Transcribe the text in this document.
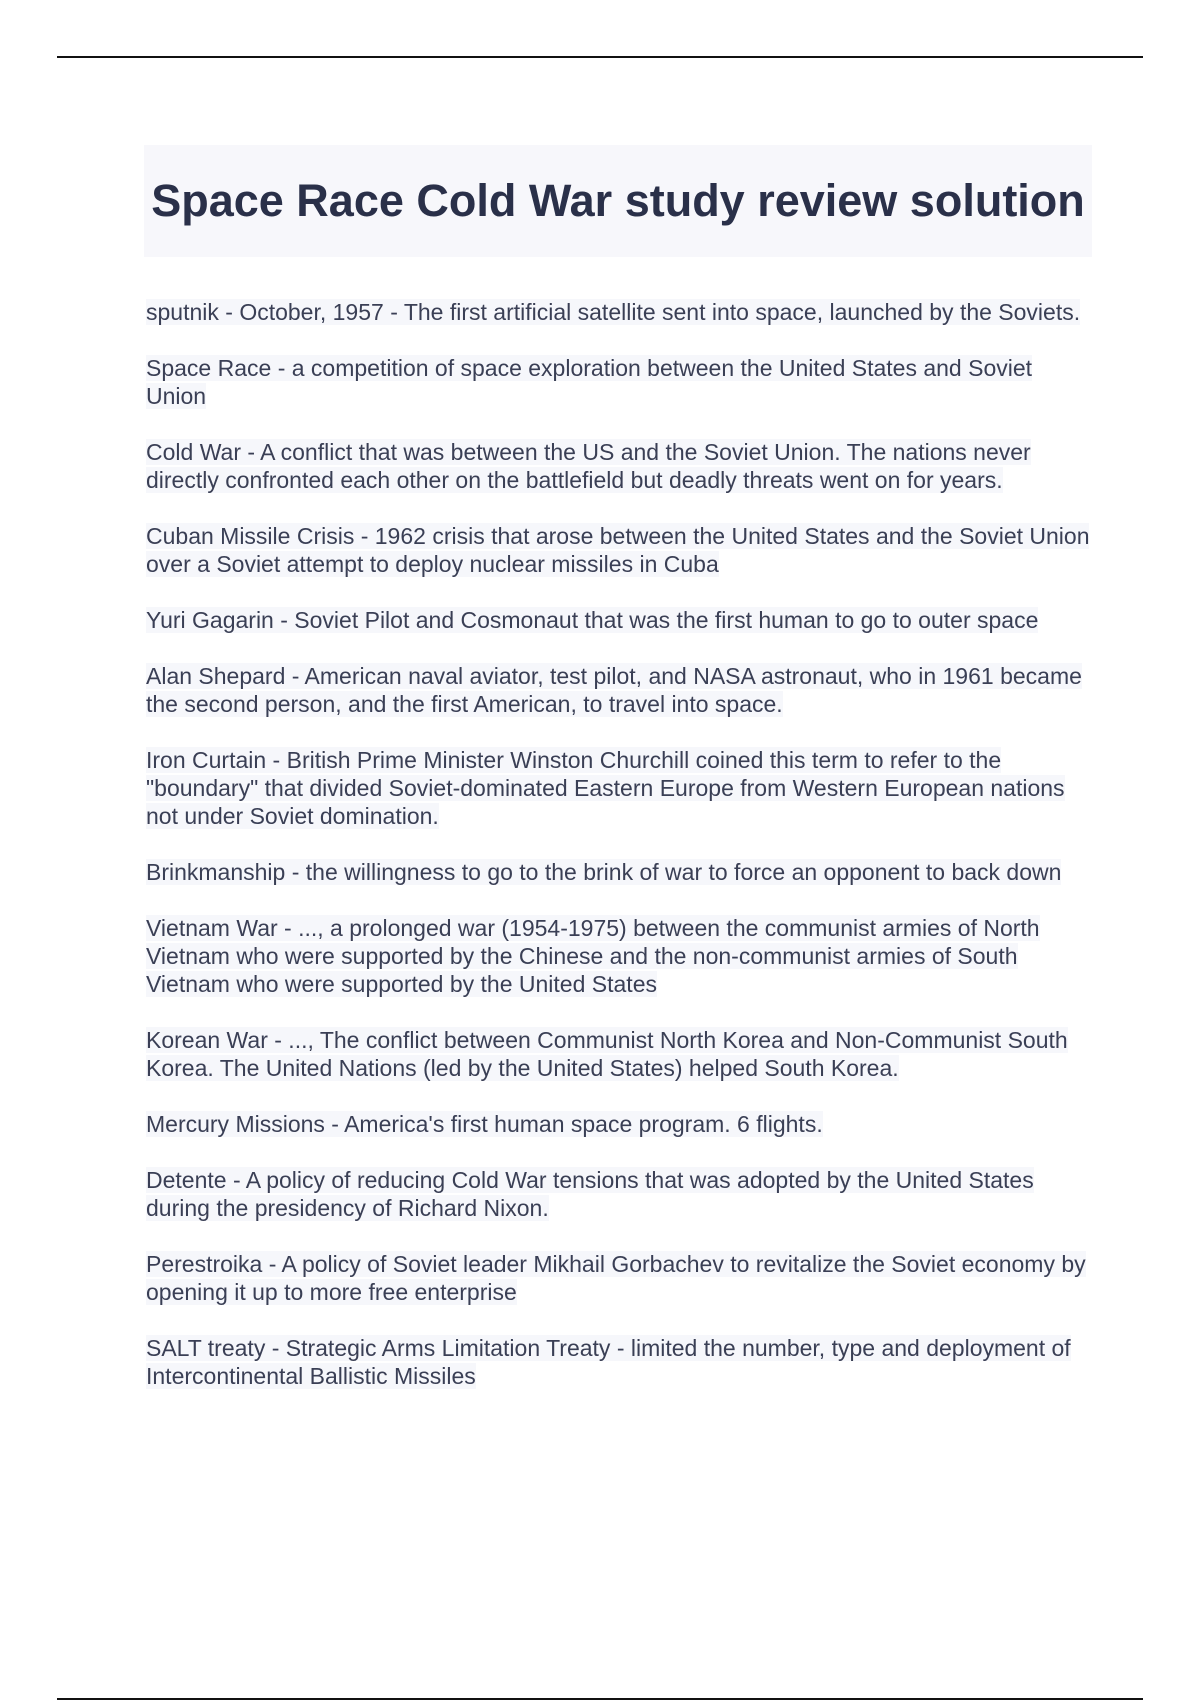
Space Race Cold War study review solution

sputnik - October, 1957 - The first artificial satellite sent into space, launched by the Soviets.

Space Race - a competition of space exploration between the United States and Soviet Union

Cold War - A conflict that was between the US and the Soviet Union. The nations never directly confronted each other on the battlefield but deadly threats went on for years.

Cuban Missile Crisis - 1962 crisis that arose between the United States and the Soviet Union over a Soviet attempt to deploy nuclear missiles in Cuba

Yuri Gagarin - Soviet Pilot and Cosmonaut that was the first human to go to outer space

Alan Shepard - American naval aviator, test pilot, and NASA astronaut, who in 1961 became the second person, and the first American, to travel into space.

Iron Curtain - British Prime Minister Winston Churchill coined this term to refer to the "boundary" that divided Soviet-dominated Eastern Europe from Western European nations not under Soviet domination.

Brinkmanship - the willingness to go to the brink of war to force an opponent to back down

Vietnam War - ..., a prolonged war (1954-1975) between the communist armies of North Vietnam who were supported by the Chinese and the non-communist armies of South Vietnam who were supported by the United States

Korean War - ..., The conflict between Communist North Korea and Non-Communist South Korea. The United Nations (led by the United States) helped South Korea.

Mercury Missions - America's first human space program. 6 flights.

Detente - A policy of reducing Cold War tensions that was adopted by the United States during the presidency of Richard Nixon.

Perestroika - A policy of Soviet leader Mikhail Gorbachev to revitalize the Soviet economy by opening it up to more free enterprise

SALT treaty - Strategic Arms Limitation Treaty - limited the number, type and deployment of Intercontinental Ballistic Missiles
